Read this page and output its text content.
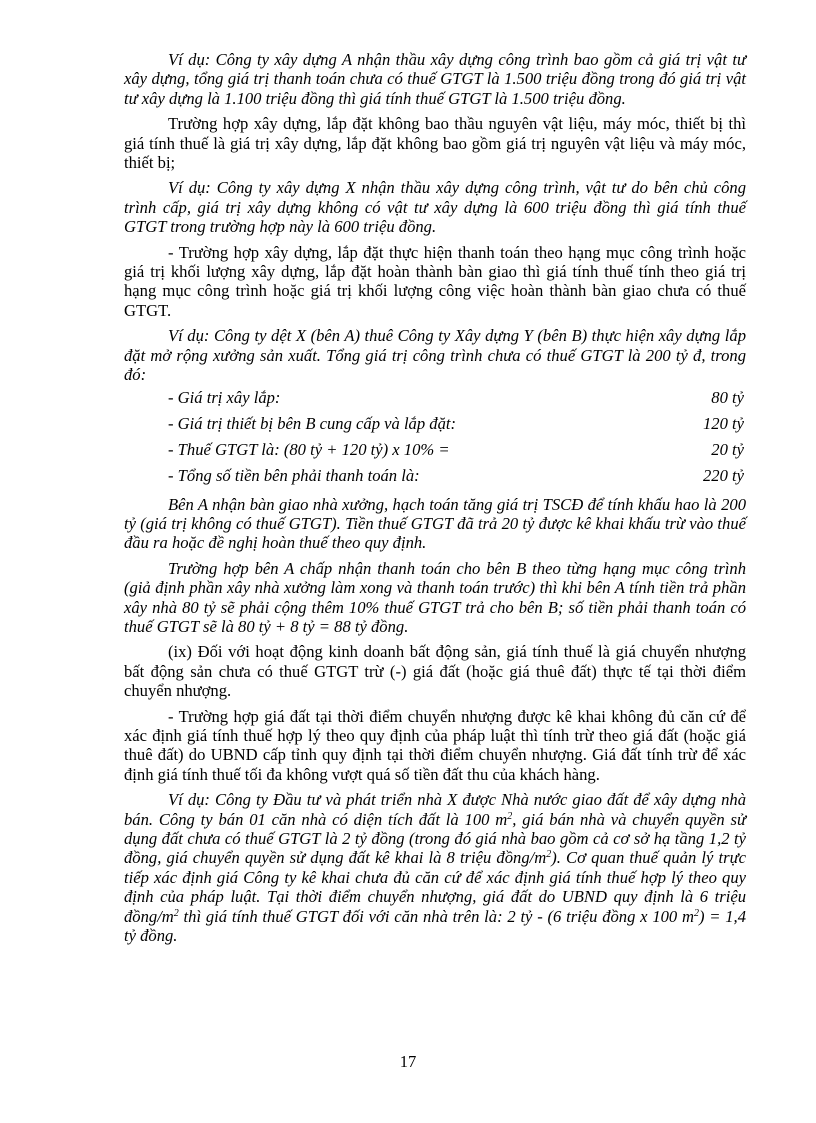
Ví dụ: Công ty xây dựng A nhận thầu xây dựng công trình bao gồm cả giá trị vật tư xây dựng, tổng giá trị thanh toán chưa có thuế GTGT là 1.500 triệu đồng trong đó giá trị vật tư xây dựng là 1.100 triệu đồng thì giá tính thuế GTGT là 1.500 triệu đồng.

Trường hợp xây dựng, lắp đặt không bao thầu nguyên vật liệu, máy móc, thiết bị thì giá tính thuế là giá trị xây dựng, lắp đặt không bao gồm giá trị nguyên vật liệu và máy móc, thiết bị;

Ví dụ: Công ty xây dựng X nhận thầu xây dựng công trình, vật tư do bên chủ công trình cấp, giá trị xây dựng không có vật tư xây dựng là 600 triệu đồng thì giá tính thuế GTGT trong trường hợp này là 600 triệu đồng.

- Trường hợp xây dựng, lắp đặt thực hiện thanh toán theo hạng mục công trình hoặc giá trị khối lượng xây dựng, lắp đặt hoàn thành bàn giao thì giá tính thuế tính theo giá trị hạng mục công trình hoặc giá trị khối lượng công việc hoàn thành bàn giao chưa có thuế GTGT.

Ví dụ: Công ty dệt X (bên A) thuê Công ty Xây dựng Y (bên B) thực hiện xây dựng lắp đặt mở rộng xưởng sản xuất. Tổng giá trị công trình chưa có thuế GTGT là 200 tỷ đ, trong đó:

- Giá trị xây lắp:	80 tỷ
- Giá trị thiết bị bên B cung cấp và lắp đặt:	120 tỷ
- Thuế GTGT là: (80 tỷ + 120 tỷ) x 10% =	20 tỷ
- Tổng số tiền bên phải thanh toán là:	220 tỷ

Bên A nhận bàn giao nhà xưởng, hạch toán tăng giá trị TSCĐ để tính khấu hao là 200 tỷ (giá trị không có thuế GTGT). Tiền thuế GTGT đã trả 20 tỷ được kê khai khấu trừ vào thuế đầu ra hoặc đề nghị hoàn thuế theo quy định.

Trường hợp bên A chấp nhận thanh toán cho bên B theo từng hạng mục công trình (giả định phần xây nhà xưởng làm xong và thanh toán trước) thì khi bên A tính tiền trả phần xây nhà 80 tỷ sẽ phải cộng thêm 10% thuế GTGT trả cho bên B; số tiền phải thanh toán có thuế GTGT sẽ là 80 tỷ + 8 tỷ = 88 tỷ đồng.

(ix) Đối với hoạt động kinh doanh bất động sản, giá tính thuế là giá chuyển nhượng bất động sản chưa có thuế GTGT trừ (-) giá đất (hoặc giá thuê đất) thực tế tại thời điểm chuyển nhượng.

- Trường hợp giá đất tại thời điểm chuyển nhượng được kê khai không đủ căn cứ để xác định giá tính thuế hợp lý theo quy định của pháp luật thì tính trừ theo giá đất (hoặc giá thuê đất) do UBND cấp tỉnh quy định tại thời điểm chuyển nhượng. Giá đất tính trừ để xác định giá tính thuế tối đa không vượt quá số tiền đất thu của khách hàng.

Ví dụ: Công ty Đầu tư và phát triển nhà X được Nhà nước giao đất để xây dựng nhà bán. Công ty bán 01 căn nhà có diện tích đất là 100 $m^2$, giá bán nhà và chuyển quyền sử dụng đất chưa có thuế GTGT là 2 tỷ đồng (trong đó giá nhà bao gồm cả cơ sở hạ tầng 1,2 tỷ đồng, giá chuyển quyền sử dụng đất kê khai là 8 triệu đồng/$m^2$). Cơ quan thuế quản lý trực tiếp xác định giá Công ty kê khai chưa đủ căn cứ để xác định giá tính thuế hợp lý theo quy định của pháp luật. Tại thời điểm chuyển nhượng, giá đất do UBND quy định là 6 triệu đồng/$m^2$ thì giá tính thuế GTGT đối với căn nhà trên là: 2 tỷ - (6 triệu đồng x 100 $m^2) = 1,4$ tỷ đồng.

17
